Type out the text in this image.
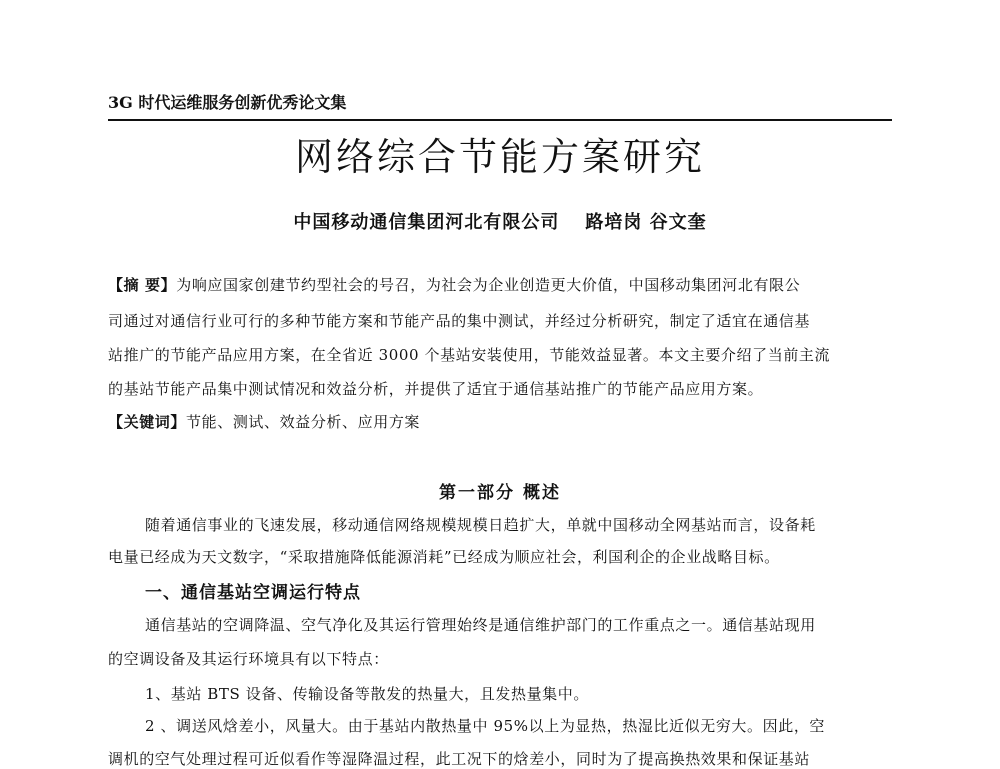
3G 时代运维服务创新优秀论文集
网络综合节能方案研究
中国移动通信集团河北有限公司 路培岗 谷文奎
【摘 要】为响应国家创建节约型社会的号召，为社会为企业创造更大价值，中国移动集团河北有限公
司通过对通信行业可行的多种节能方案和节能产品的集中测试，并经过分析研究，制定了适宜在通信基
站推广的节能产品应用方案，在全省近 3000 个基站安装使用，节能效益显著。本文主要介绍了当前主流
的基站节能产品集中测试情况和效益分析，并提供了适宜于通信基站推广的节能产品应用方案。
【关键词】节能、测试、效益分析、应用方案
第一部分 概述
随着通信事业的飞速发展，移动通信网络规模规模日趋扩大，单就中国移动全网基站而言，设备耗
电量已经成为天文数字，“采取措施降低能源消耗”已经成为顺应社会，利国利企的企业战略目标。
一、通信基站空调运行特点
通信基站的空调降温、空气净化及其运行管理始终是通信维护部门的工作重点之一。通信基站现用
的空调设备及其运行环境具有以下特点：
1、基站 BTS 设备、传输设备等散发的热量大，且发热量集中。
2 、调送风焓差小，风量大。由于基站内散热量中 95%以上为显热，热湿比近似无穷大。因此，空
调机的空气处理过程可近似看作等湿降温过程，此工况下的焓差小，同时为了提高换热效果和保证基站
